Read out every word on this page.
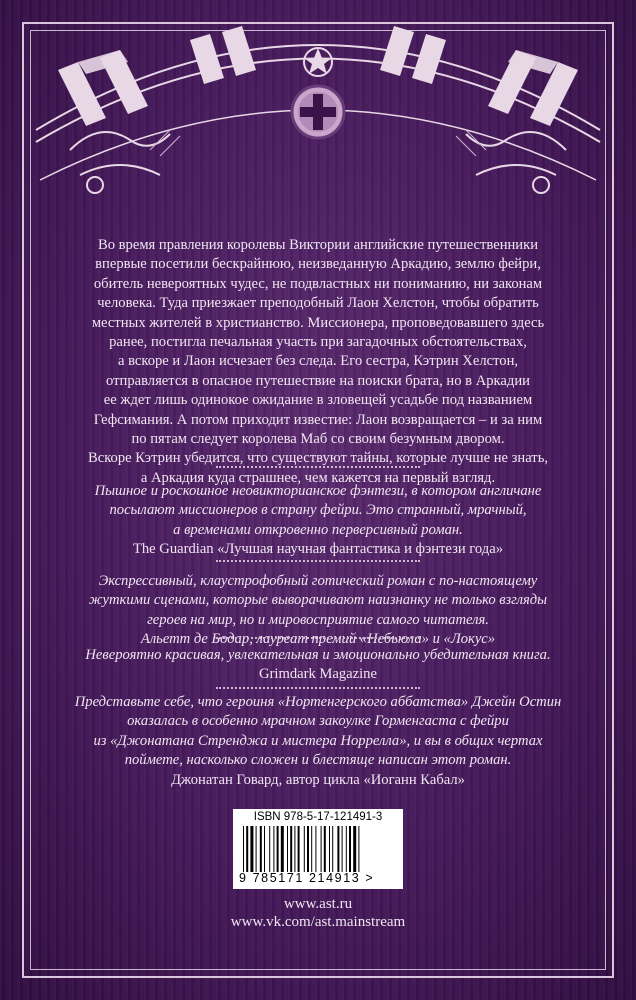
Во время правления королевы Виктории английские путешественники
впервые посетили бескрайнюю, неизведанную Аркадию, землю фейри,
обитель невероятных чудес, не подвластных ни пониманию, ни законам
человека. Туда приезжает преподобный Лаон Хелстон, чтобы обратить
местных жителей в христианство. Миссионера, проповедовавшего здесь
ранее, постигла печальная участь при загадочных обстоятельствах,
а вскоре и Лаон исчезает без следа. Его сестра, Кэтрин Хелстон,
отправляется в опасное путешествие на поиски брата, но в Аркадии
ее ждет лишь одинокое ожидание в зловещей усадьбе под названием
Гефсимания. А потом приходит известие: Лаон возвращается – и за ним
по пятам следует королева Маб со своим безумным двором.
Вскоре Кэтрин убедится, что существуют тайны, которые лучше не знать,
а Аркадия куда страшнее, чем кажется на первый взгляд.
Пышное и роскошное неовикторианское фэнтези, в котором англичане
посылают миссионеров в страну фейри. Это странный, мрачный,
а временами откровенно перверсивный роман.
The Guardian «Лучшая научная фантастика и фэнтези года»
Экспрессивный, клаустрофобный готический роман с по-настоящему
жуткими сценами, которые выворачивают наизнанку не только взгляды
героев на мир, но и мировосприятие самого читателя.
Альетт де Бодар, лауреат премий «Небьюла» и «Локус»
Невероятно красивая, увлекательная и эмоционально убедительная книга.
Grimdark Magazine
Представьте себе, что героиня «Нортенгерского аббатства» Джейн Остин
оказалась в особенно мрачном закоулке Горменгаста с фейри
из «Джонатана Стренджа и мистера Норрелла», и вы в общих чертах
поймете, насколько сложен и блестяще написан этот роман.
Джонатан Говард, автор цикла «Иоганн Кабал»
ISBN 978-5-17-121491-3
9 785171 214913 >
www.ast.ru
www.vk.com/ast.mainstream
